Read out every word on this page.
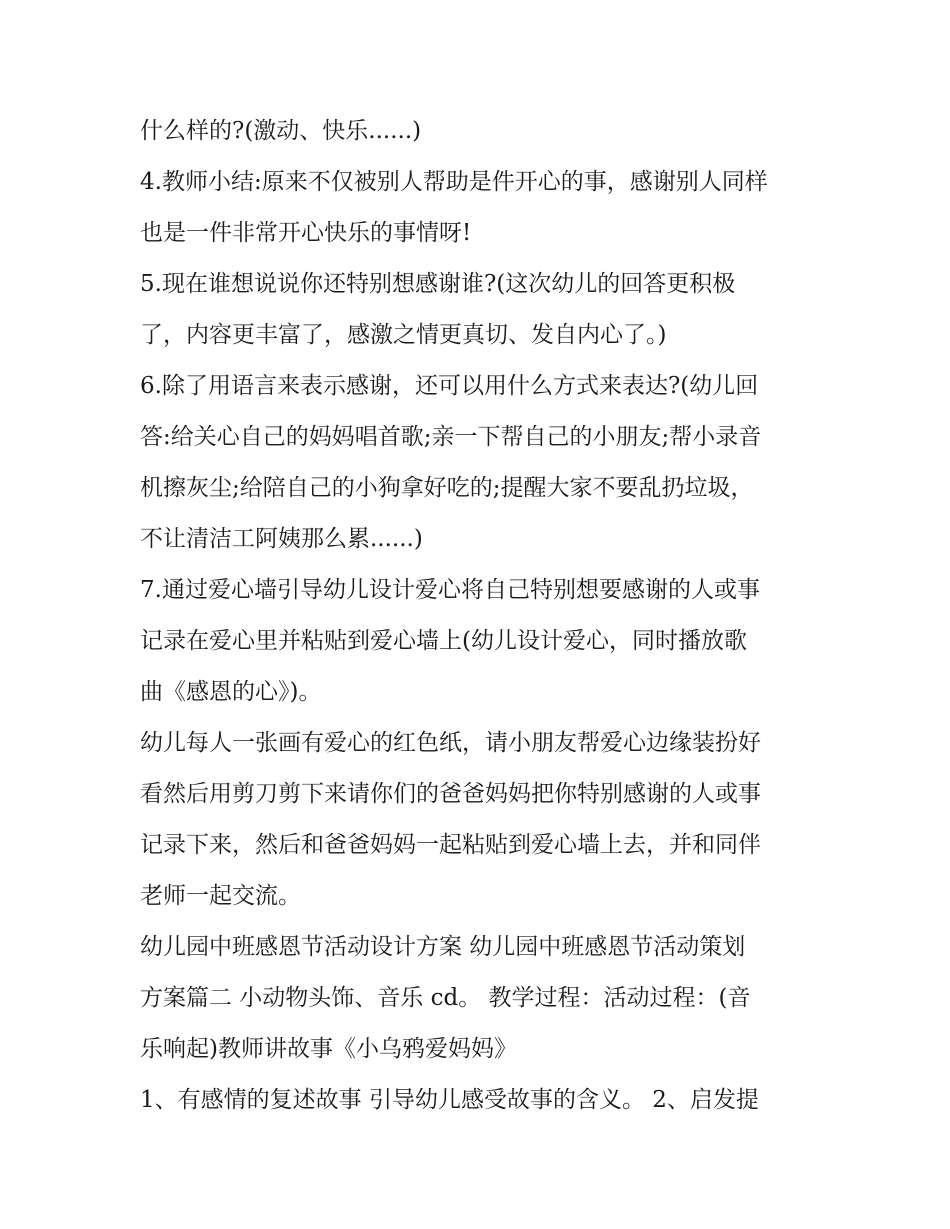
什么样的?(激动、快乐......)

4.教师小结:原来不仅被别人帮助是件开心的事，感谢别人同样

也是一件非常开心快乐的事情呀!

5.现在谁想说说你还特别想感谢谁?(这次幼儿的回答更积极

了，内容更丰富了，感激之情更真切、发自内心了。)

6.除了用语言来表示感谢，还可以用什么方式来表达?(幼儿回

答:给关心自己的妈妈唱首歌;亲一下帮自己的小朋友;帮小录音

机擦灰尘;给陪自己的小狗拿好吃的;提醒大家不要乱扔垃圾，

不让清洁工阿姨那么累......)

7.通过爱心墙引导幼儿设计爱心将自己特别想要感谢的人或事

记录在爱心里并粘贴到爱心墙上(幼儿设计爱心，同时播放歌

曲《感恩的心》)。

幼儿每人一张画有爱心的红色纸，请小朋友帮爱心边缘装扮好

看然后用剪刀剪下来请你们的爸爸妈妈把你特别感谢的人或事

记录下来，然后和爸爸妈妈一起粘贴到爱心墙上去，并和同伴

老师一起交流。

幼儿园中班感恩节活动设计方案 幼儿园中班感恩节活动策划

方案篇二 小动物头饰、音乐 cd。 教学过程：活动过程：(音

乐响起)教师讲故事《小乌鸦爱妈妈》

1、有感情的复述故事 引导幼儿感受故事的含义。 2、启发提
